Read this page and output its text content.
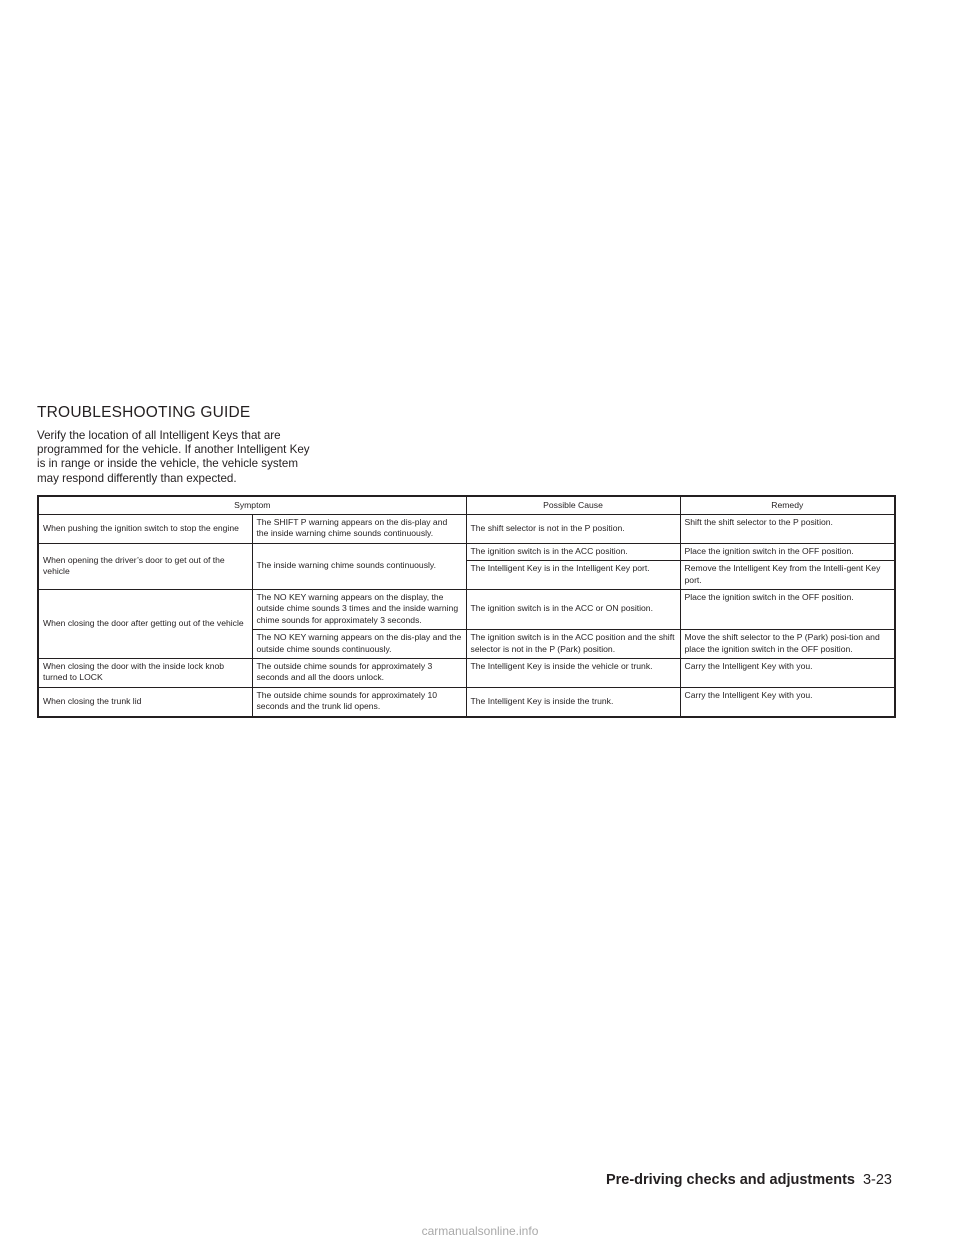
TROUBLESHOOTING GUIDE

Verify the location of all Intelligent Keys that are programmed for the vehicle. If another Intelligent Key is in range or inside the vehicle, the vehicle system may respond differently than expected.

Symptom		Possible Cause	Remedy
When pushing the ignition switch to stop the engine	The SHIFT P warning appears on the dis-play and the inside warning chime sounds continuously.	The shift selector is not in the P position.	Shift the shift selector to the P position.
When opening the driver’s door to get out of the vehicle	The inside warning chime sounds continuously.	The ignition switch is in the ACC position.	Place the ignition switch in the OFF position.
		The Intelligent Key is in the Intelligent Key port.	Remove the Intelligent Key from the Intelli-gent Key port.
When closing the door after getting out of the vehicle	The NO KEY warning appears on the display, the outside chime sounds 3 times and the inside warning chime sounds for approximately 3 seconds.	The ignition switch is in the ACC or ON position.	Place the ignition switch in the OFF position.
	The NO KEY warning appears on the dis-play and the outside chime sounds continuously.	The ignition switch is in the ACC position and the shift selector is not in the P (Park) position.	Move the shift selector to the P (Park) posi-tion and place the ignition switch in the OFF position.
When closing the door with the inside lock knob turned to LOCK	The outside chime sounds for approximately 3 seconds and all the doors unlock.	The Intelligent Key is inside the vehicle or trunk.	Carry the Intelligent Key with you.
When closing the trunk lid	The outside chime sounds for approximately 10 seconds and the trunk lid opens.	The Intelligent Key is inside the trunk.	Carry the Intelligent Key with you.
Pre-driving checks and adjustments 3-23
carmanualsonline.info
